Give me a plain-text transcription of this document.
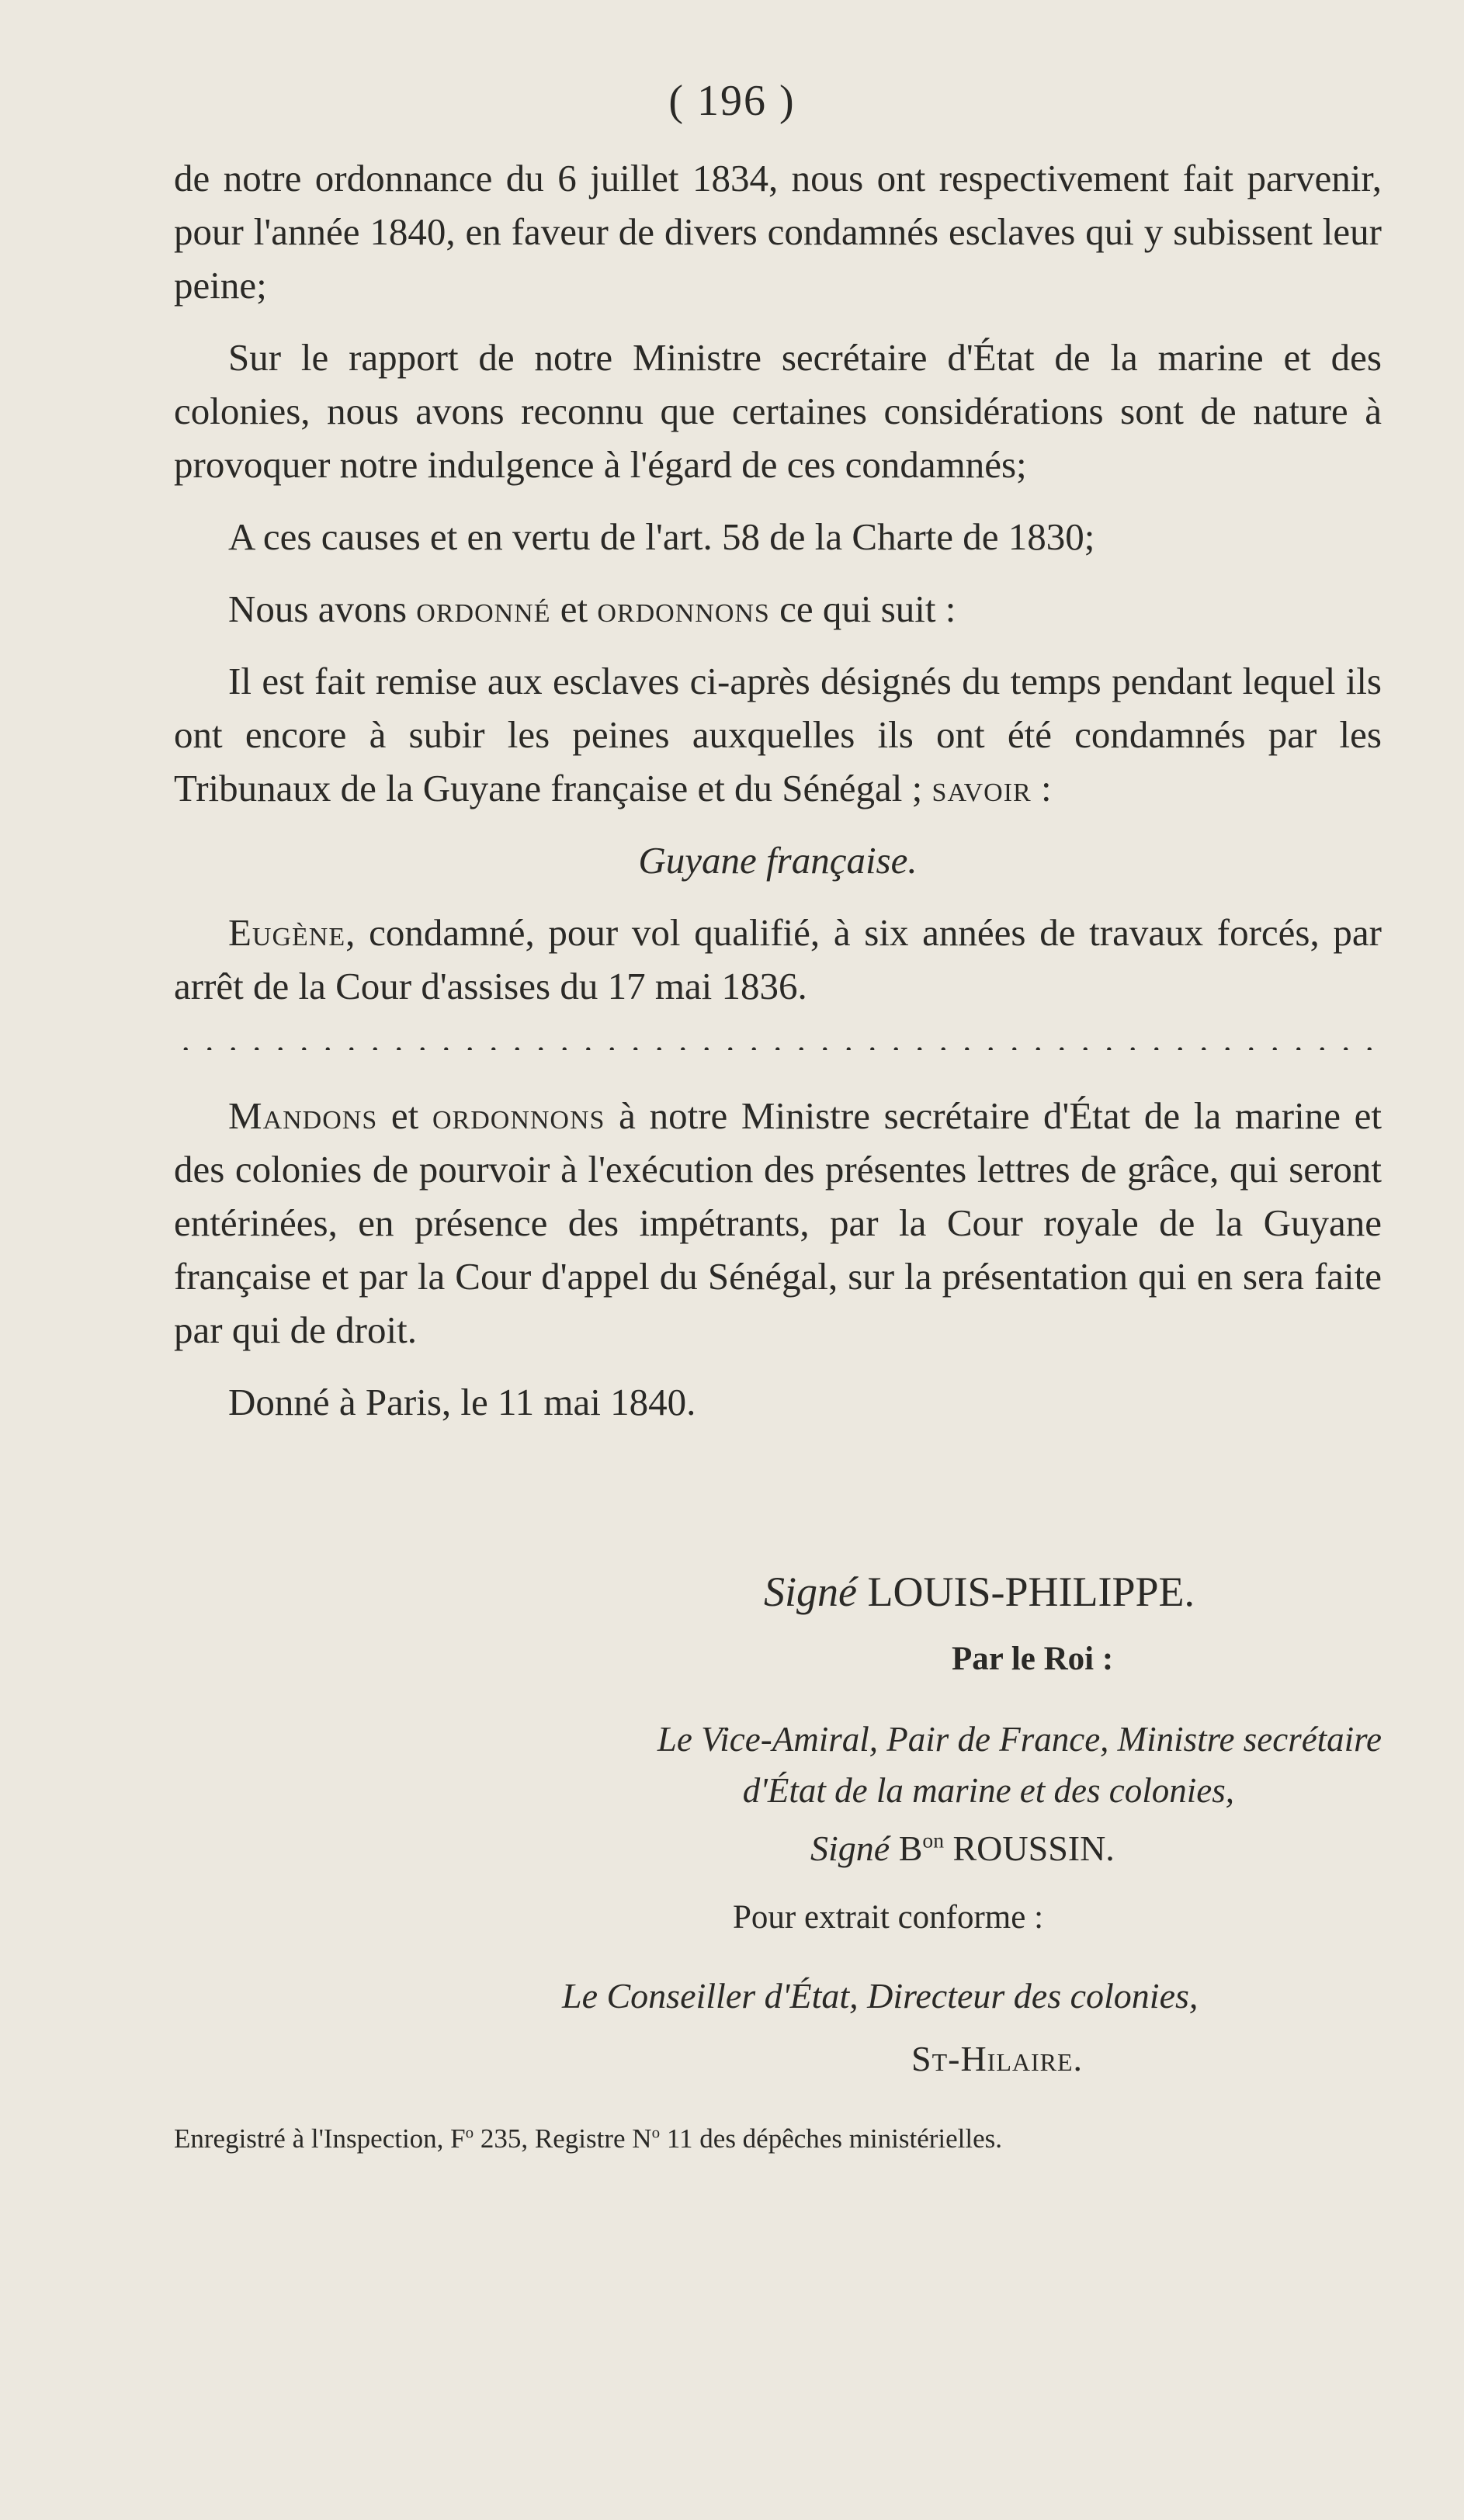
( 196 )

de notre ordonnance du 6 juillet 1834, nous ont respectivement fait parvenir, pour l'année 1840, en faveur de divers condamnés esclaves qui y subissent leur peine;

Sur le rapport de notre Ministre secrétaire d'État de la marine et des colonies, nous avons reconnu que certaines considérations sont de nature à provoquer notre indulgence à l'égard de ces condamnés;

A ces causes et en vertu de l'art. 58 de la Charte de 1830;

Nous avons ordonné et ordonnons ce qui suit :

Il est fait remise aux esclaves ci-après désignés du temps pendant lequel ils ont encore à subir les peines auxquelles ils ont été condamnés par les Tribunaux de la Guyane française et du Sénégal ; savoir :

Guyane française.

Eugène, condamné, pour vol qualifié, à six années de travaux forcés, par arrêt de la Cour d'assises du 17 mai 1836.

Mandons et ordonnons à notre Ministre secrétaire d'État de la marine et des colonies de pourvoir à l'exécution des présentes lettres de grâce, qui seront entérinées, en présence des impétrants, par la Cour royale de la Guyane française et par la Cour d'appel du Sénégal, sur la présentation qui en sera faite par qui de droit.

Donné à Paris, le 11 mai 1840.

Signé LOUIS-PHILIPPE.
Par le Roi :
Le Vice-Amiral, Pair de France, Ministre secrétaire
d'État de la marine et des colonies,
Signé $B^{on}$ ROUSSIN.
Pour extrait conforme :
Le Conseiller d'État, Directeur des colonies,
St-Hilaire.
Enregistré à l'Inspection, $F^o$ 235, Registre $N^o$ 11 des dépêches ministérielles.
